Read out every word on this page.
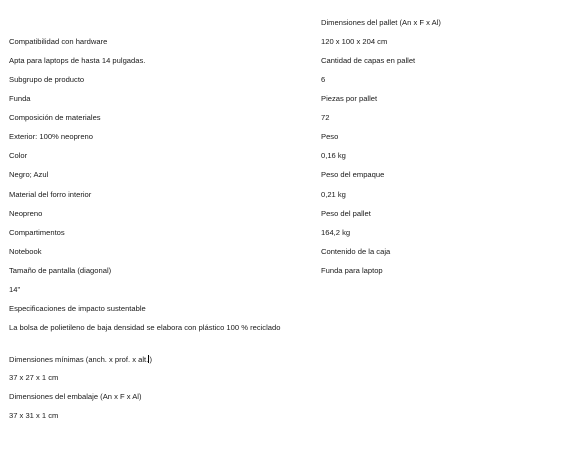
Compatibilidad con hardware
Apta para laptops de hasta 14 pulgadas.
Subgrupo de producto
Funda
Composición de materiales
Exterior: 100% neopreno
Color
Negro; Azul
Material del forro interior
Neopreno
Compartimentos
Notebook
Tamaño de pantalla (diagonal)
14"
Especificaciones de impacto sustentable
La bolsa de polietileno de baja densidad se elabora con plástico 100 % reciclado
Dimensiones mínimas (anch. x prof. x alt.)
37 x 27 x 1 cm
Dimensiones del embalaje (An x F x Al)
37 x 31 x 1 cm
Dimensiones del pallet (An x F x Al)
120 x 100 x 204 cm
Cantidad de capas en pallet
6
Piezas por pallet
72
Peso
0,16 kg
Peso del empaque
0,21 kg
Peso del pallet
164,2 kg
Contenido de la caja
Funda para laptop
